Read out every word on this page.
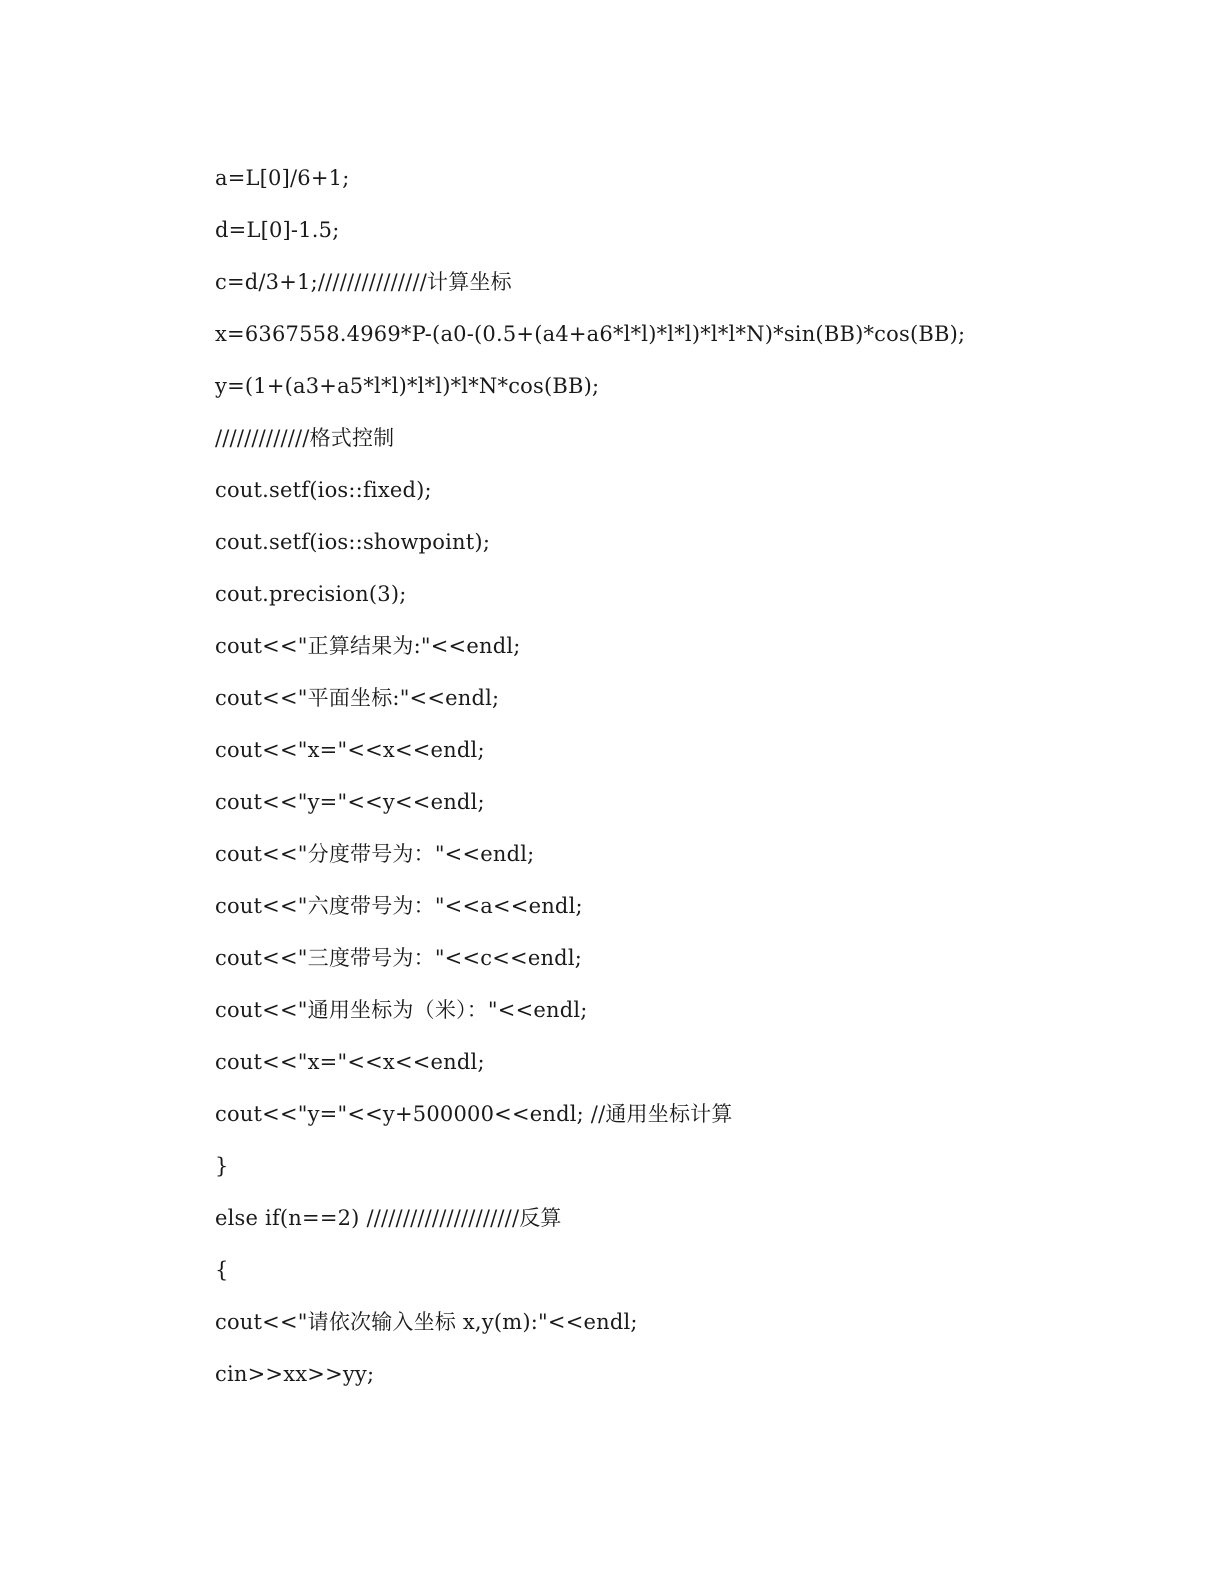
a=L[0]/6+1;
d=L[0]-1.5;
c=d/3+1;///////////////计算坐标
x=6367558.4969*P-(a0-(0.5+(a4+a6*l*l)*l*l)*l*l*N)*sin(BB)*cos(BB);
y=(1+(a3+a5*l*l)*l*l)*l*N*cos(BB);
/////////////格式控制
cout.setf(ios::fixed);
cout.setf(ios::showpoint);
cout.precision(3);
cout<<"正算结果为:"<<endl;
cout<<"平面坐标:"<<endl;
cout<<"x="<<x<<endl;
cout<<"y="<<y<<endl;
cout<<"分度带号为："<<endl;
cout<<"六度带号为："<<a<<endl;
cout<<"三度带号为："<<c<<endl;
cout<<"通用坐标为（米）："<<endl;
cout<<"x="<<x<<endl;
cout<<"y="<<y+500000<<endl; //通用坐标计算
}
else if(n==2) /////////////////////反算
{
cout<<"请依次输入坐标 x,y(m):"<<endl;
cin>>xx>>yy;
